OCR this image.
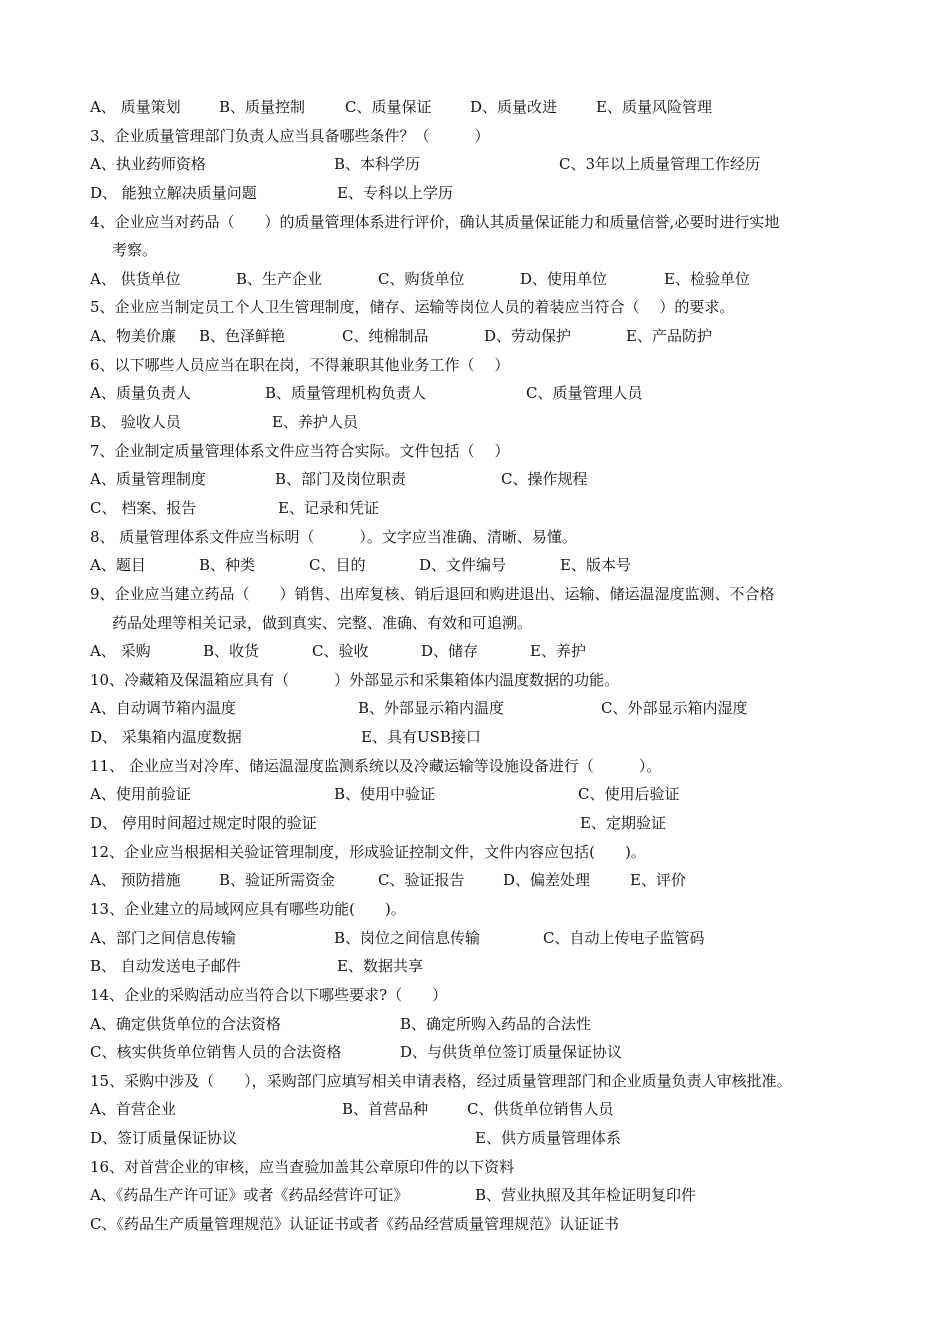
A、 质量策划	B、质量控制	C、质量保证	D、质量改进	E、质量风险管理
3、企业质量管理部门负责人应当具备哪些条件？（　　　）
A、执业药师资格	B、本科学历	C、3年以上质量管理工作经历
D、 能独立解决质量问题	E、专科以上学历
4、企业应当对药品（　　）的质量管理体系进行评价，确认其质量保证能力和质量信誉,必要时进行实地
考察。
A、 供货单位	B、生产企业	C、购货单位	D、使用单位	E、检验单位
5、企业应当制定员工个人卫生管理制度，储存、运输等岗位人员的着装应当符合（　 ）的要求。
A、物美价廉 B、色泽鲜艳	C、纯棉制品	D、劳动保护	E、产品防护
6、以下哪些人员应当在职在岗，不得兼职其他业务工作（　 ）
A、质量负责人	B、质量管理机构负责人	C、质量管理人员
B、 验收人员	E、养护人员
7、企业制定质量管理体系文件应当符合实际。文件包括（　 ）
A、质量管理制度	B、部门及岗位职责	C、操作规程
C、 档案、报告	E、记录和凭证
8、 质量管理体系文件应当标明（　　　）。文字应当准确、清晰、易懂。
A、题目	B、种类	C、目的	D、文件编号	E、版本号
9、企业应当建立药品（　　）销售、出库复核、销后退回和购进退出、运输、储运温湿度监测、不合格
药品处理等相关记录，做到真实、完整、准确、有效和可追溯。
A、 采购	B、收货	C、验收	D、储存	E、养护
10、冷藏箱及保温箱应具有（　　　）外部显示和采集箱体内温度数据的功能。
A、自动调节箱内温度	B、外部显示箱内温度	C、外部显示箱内湿度
D、 采集箱内温度数据	E、具有USB接口
11、 企业应当对冷库、储运温湿度监测系统以及冷藏运输等设施设备进行（　　　）。
A、使用前验证	B、使用中验证	C、使用后验证
D、 停用时间超过规定时限的验证	E、定期验证
12、企业应当根据相关验证管理制度，形成验证控制文件，文件内容应包括(　　)。
A、 预防措施	B、验证所需资金	C、验证报告	D、偏差处理	E、评价
13、企业建立的局域网应具有哪些功能(　　)。
A、部门之间信息传输	B、岗位之间信息传输	C、自动上传电子监管码
B、 自动发送电子邮件	E、数据共享
14、企业的采购活动应当符合以下哪些要求?（　　）
A、确定供货单位的合法资格	B、确定所购入药品的合法性
C、核实供货单位销售人员的合法资格	D、与供货单位签订质量保证协议
15、采购中涉及（　　），采购部门应填写相关申请表格，经过质量管理部门和企业质量负责人审核批准。
A、首营企业	B、首营品种	C、供货单位销售人员
D、签订质量保证协议	E、供方质量管理体系
16、对首营企业的审核，应当查验加盖其公章原印件的以下资料
A、《药品生产许可证》或者《药品经营许可证》	B、营业执照及其年检证明复印件
C、《药品生产质量管理规范》认证证书或者《药品经营质量管理规范》认证证书
